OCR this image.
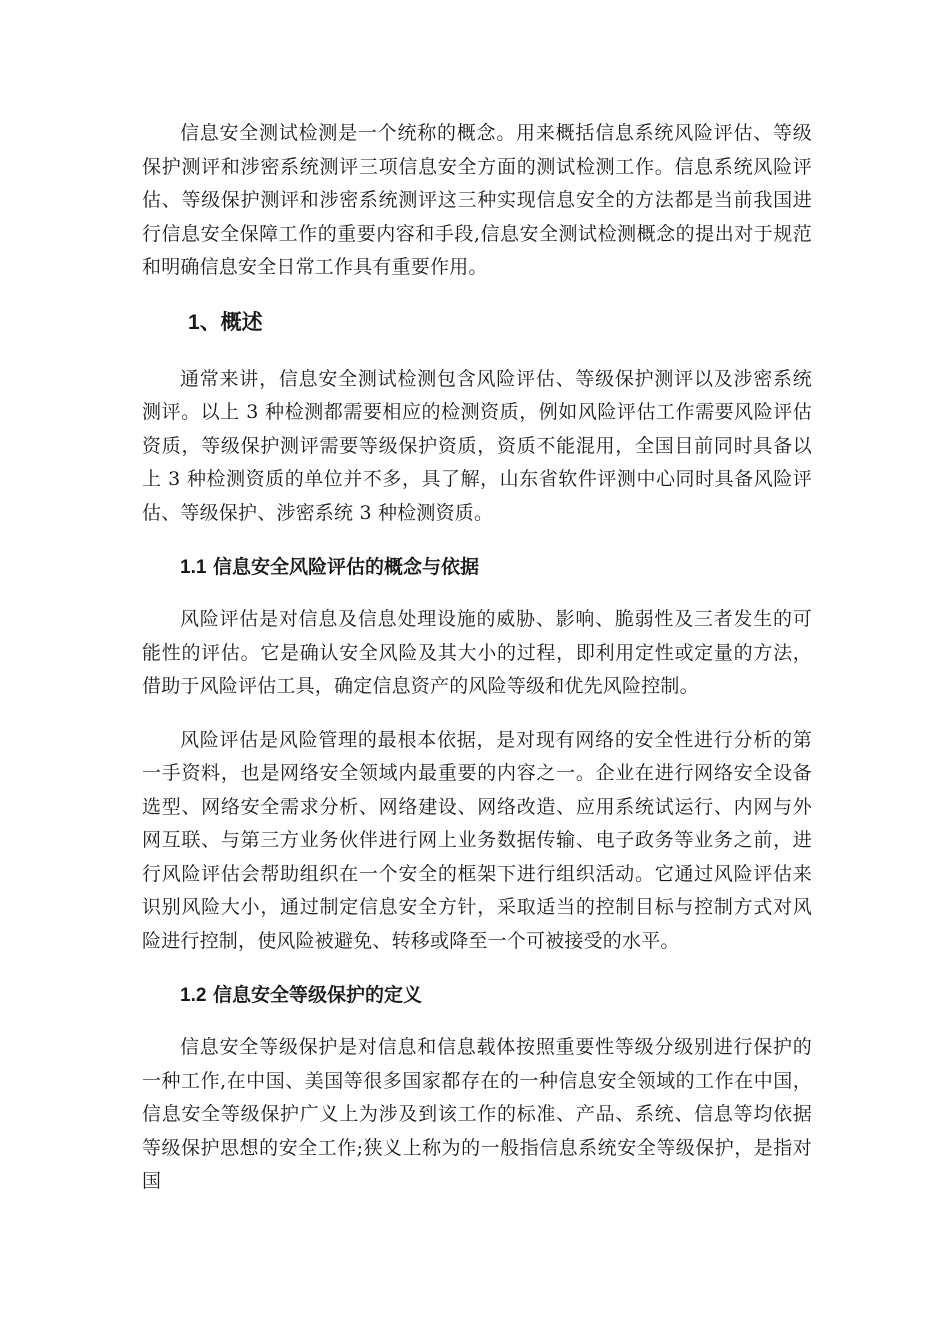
信息安全测试检测是一个统称的概念。用来概括信息系统风险评估、等级保护测评和涉密系统测评三项信息安全方面的测试检测工作。信息系统风险评估、等级保护测评和涉密系统测评这三种实现信息安全的方法都是当前我国进行信息安全保障工作的重要内容和手段,信息安全测试检测概念的提出对于规范和明确信息安全日常工作具有重要作用。

1、概述

通常来讲，信息安全测试检测包含风险评估、等级保护测评以及涉密系统测评。以上 3 种检测都需要相应的检测资质，例如风险评估工作需要风险评估资质，等级保护测评需要等级保护资质，资质不能混用，全国目前同时具备以上 3 种检测资质的单位并不多，具了解，山东省软件评测中心同时具备风险评估、等级保护、涉密系统 3 种检测资质。

1.1 信息安全风险评估的概念与依据

风险评估是对信息及信息处理设施的威胁、影响、脆弱性及三者发生的可能性的评估。它是确认安全风险及其大小的过程，即利用定性或定量的方法，借助于风险评估工具，确定信息资产的风险等级和优先风险控制。

风险评估是风险管理的最根本依据，是对现有网络的安全性进行分析的第一手资料，也是网络安全领域内最重要的内容之一。企业在进行网络安全设备选型、网络安全需求分析、网络建设、网络改造、应用系统试运行、内网与外网互联、与第三方业务伙伴进行网上业务数据传输、电子政务等业务之前，进行风险评估会帮助组织在一个安全的框架下进行组织活动。它通过风险评估来识别风险大小，通过制定信息安全方针，采取适当的控制目标与控制方式对风险进行控制，使风险被避免、转移或降至一个可被接受的水平。

1.2 信息安全等级保护的定义

信息安全等级保护是对信息和信息载体按照重要性等级分级别进行保护的一种工作,在中国、美国等很多国家都存在的一种信息安全领域的工作在中国，信息安全等级保护广义上为涉及到该工作的标准、产品、系统、信息等均依据等级保护思想的安全工作;狭义上称为的一般指信息系统安全等级保护，是指对国
